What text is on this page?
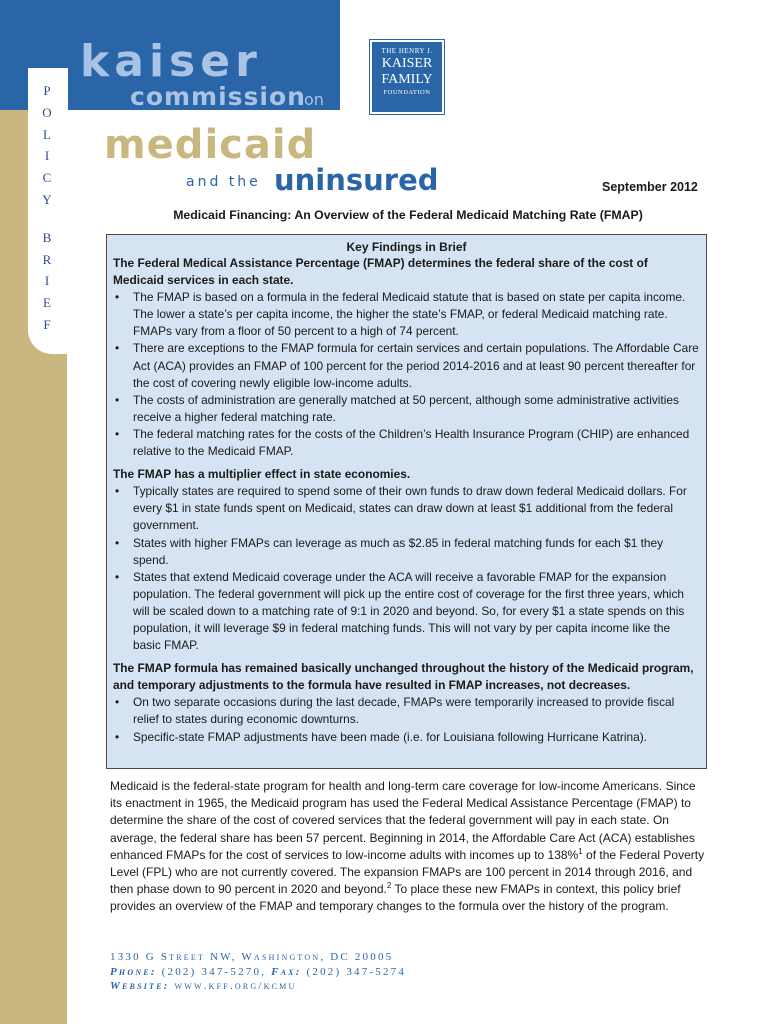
P
O
L
I
C
Y
B
R
I
E
F
kaiser
commission
on
THE HENRY J.
KAISER
FAMILY
FOUNDATION
medicaid
and the uninsured	September 2012
Medicaid Financing: An Overview of the Federal Medicaid Matching Rate (FMAP)
Key Findings in Brief
The Federal Medical Assistance Percentage (FMAP) determines the federal share of the cost of Medicaid services in each state.
• The FMAP is based on a formula in the federal Medicaid statute that is based on state per capita income. The lower a state’s per capita income, the higher the state’s FMAP, or federal Medicaid matching rate. FMAPs vary from a floor of 50 percent to a high of 74 percent.
• There are exceptions to the FMAP formula for certain services and certain populations. The Affordable Care Act (ACA) provides an FMAP of 100 percent for the period 2014-2016 and at least 90 percent thereafter for the cost of covering newly eligible low-income adults.
• The costs of administration are generally matched at 50 percent, although some administrative activities receive a higher federal matching rate.
• The federal matching rates for the costs of the Children’s Health Insurance Program (CHIP) are enhanced relative to the Medicaid FMAP.
The FMAP has a multiplier effect in state economies.
• Typically states are required to spend some of their own funds to draw down federal Medicaid dollars. For every $1 in state funds spent on Medicaid, states can draw down at least $1 additional from the federal government.
• States with higher FMAPs can leverage as much as $2.85 in federal matching funds for each $1 they spend.
• States that extend Medicaid coverage under the ACA will receive a favorable FMAP for the expansion population. The federal government will pick up the entire cost of coverage for the first three years, which will be scaled down to a matching rate of 9:1 in 2020 and beyond. So, for every $1 a state spends on this population, it will leverage $9 in federal matching funds. This will not vary by per capita income like the basic FMAP.
The FMAP formula has remained basically unchanged throughout the history of the Medicaid program, and temporary adjustments to the formula have resulted in FMAP increases, not decreases.
• On two separate occasions during the last decade, FMAPs were temporarily increased to provide fiscal relief to states during economic downturns.
• Specific-state FMAP adjustments have been made (i.e. for Louisiana following Hurricane Katrina).
Medicaid is the federal-state program for health and long-term care coverage for low-income Americans. Since its enactment in 1965, the Medicaid program has used the Federal Medical Assistance Percentage (FMAP) to determine the share of the cost of covered services that the federal government will pay in each state. On average, the federal share has been 57 percent. Beginning in 2014, the Affordable Care Act (ACA) establishes enhanced FMAPs for the cost of services to low-income adults with incomes up to 138%$^1$ of the Federal Poverty Level (FPL) who are not currently covered. The expansion FMAPs are 100 percent in 2014 through 2016, and then phase down to 90 percent in 2020 and beyond.$^2$ To place these new FMAPs in context, this policy brief provides an overview of the FMAP and temporary changes to the formula over the history of the program.
1330 G Street NW, Washington, DC 20005
Phone: (202) 347-5270, Fax: (202) 347-5274
Website: www.kff.org/kcmu
